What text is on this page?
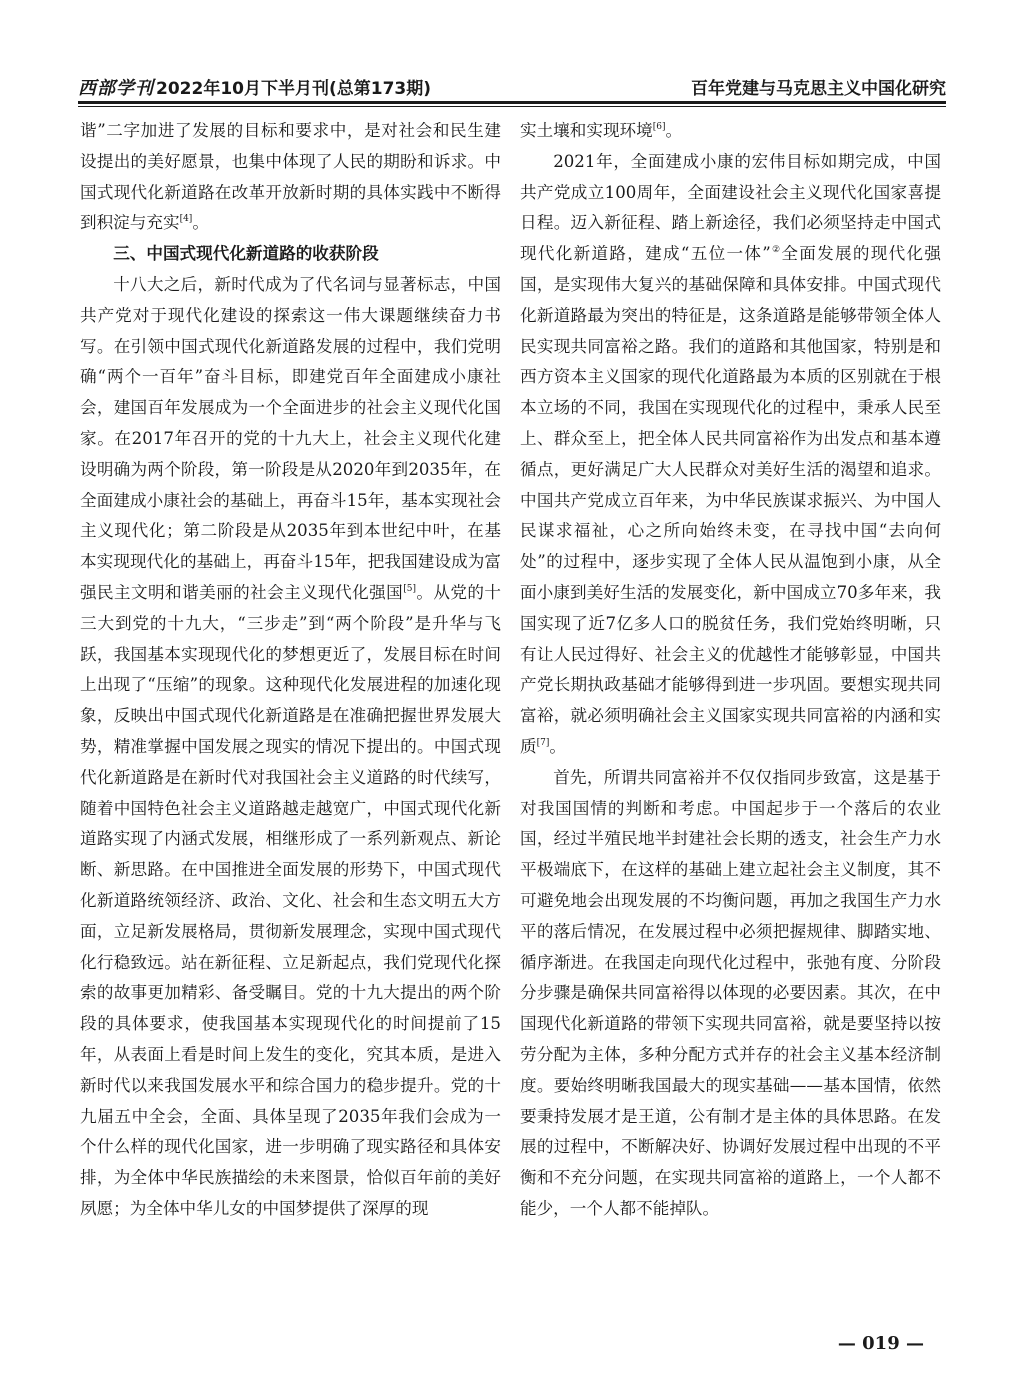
西部学刊 2022年10月下半月刊(总第173期)	百年党建与马克思主义中国化研究

谐”二字加进了发展的目标和要求中，是对社会和民生建设提出的美好愿景，也集中体现了人民的期盼和诉求。中国式现代化新道路在改革开放新时期的具体实践中不断得到积淀与充实[4]。

三、中国式现代化新道路的收获阶段

十八大之后，新时代成为了代名词与显著标志，中国共产党对于现代化建设的探索这一伟大课题继续奋力书写。在引领中国式现代化新道路发展的过程中，我们党明确“两个一百年”奋斗目标，即建党百年全面建成小康社会，建国百年发展成为一个全面进步的社会主义现代化国家。在2017年召开的党的十九大上，社会主义现代化建设明确为两个阶段，第一阶段是从2020年到2035年，在全面建成小康社会的基础上，再奋斗15年，基本实现社会主义现代化；第二阶段是从2035年到本世纪中叶，在基本实现现代化的基础上，再奋斗15年，把我国建设成为富强民主文明和谐美丽的社会主义现代化强国[5]。从党的十三大到党的十九大，“三步走”到“两个阶段”是升华与飞跃，我国基本实现现代化的梦想更近了，发展目标在时间上出现了“压缩”的现象。这种现代化发展进程的加速化现象，反映出中国式现代化新道路是在准确把握世界发展大势，精准掌握中国发展之现实的情况下提出的。中国式现代化新道路是在新时代对我国社会主义道路的时代续写，随着中国特色社会主义道路越走越宽广，中国式现代化新道路实现了内涵式发展，相继形成了一系列新观点、新论断、新思路。在中国推进全面发展的形势下，中国式现代化新道路统领经济、政治、文化、社会和生态文明五大方面，立足新发展格局，贯彻新发展理念，实现中国式现代化行稳致远。站在新征程、立足新起点，我们党现代化探索的故事更加精彩、备受瞩目。党的十九大提出的两个阶段的具体要求，使我国基本实现现代化的时间提前了15年，从表面上看是时间上发生的变化，究其本质，是进入新时代以来我国发展水平和综合国力的稳步提升。党的十九届五中全会，全面、具体呈现了2035年我们会成为一个什么样的现代化国家，进一步明确了现实路径和具体安排，为全体中华民族描绘的未来图景，恰似百年前的美好夙愿；为全体中华儿女的中国梦提供了深厚的现

实土壤和实现环境[6]。

2021年，全面建成小康的宏伟目标如期完成，中国共产党成立100周年，全面建设社会主义现代化国家喜提日程。迈入新征程、踏上新途径，我们必须坚持走中国式现代化新道路，建成“五位一体”②全面发展的现代化强国，是实现伟大复兴的基础保障和具体安排。中国式现代化新道路最为突出的特征是，这条道路是能够带领全体人民实现共同富裕之路。我们的道路和其他国家，特别是和西方资本主义国家的现代化道路最为本质的区别就在于根本立场的不同，我国在实现现代化的过程中，秉承人民至上、群众至上，把全体人民共同富裕作为出发点和基本遵循点，更好满足广大人民群众对美好生活的渴望和追求。中国共产党成立百年来，为中华民族谋求振兴、为中国人民谋求福祉，心之所向始终未变，在寻找中国“去向何处”的过程中，逐步实现了全体人民从温饱到小康，从全面小康到美好生活的发展变化，新中国成立70多年来，我国实现了近7亿多人口的脱贫任务，我们党始终明晰，只有让人民过得好、社会主义的优越性才能够彰显，中国共产党长期执政基础才能够得到进一步巩固。要想实现共同富裕，就必须明确社会主义国家实现共同富裕的内涵和实质[7]。

首先，所谓共同富裕并不仅仅指同步致富，这是基于对我国国情的判断和考虑。中国起步于一个落后的农业国，经过半殖民地半封建社会长期的透支，社会生产力水平极端底下，在这样的基础上建立起社会主义制度，其不可避免地会出现发展的不均衡问题，再加之我国生产力水平的落后情况，在发展过程中必须把握规律、脚踏实地、循序渐进。在我国走向现代化过程中，张弛有度、分阶段分步骤是确保共同富裕得以体现的必要因素。其次，在中国现代化新道路的带领下实现共同富裕，就是要坚持以按劳分配为主体，多种分配方式并存的社会主义基本经济制度。要始终明晰我国最大的现实基础——基本国情，依然要秉持发展才是王道，公有制才是主体的具体思路。在发展的过程中，不断解决好、协调好发展过程中出现的不平衡和不充分问题，在实现共同富裕的道路上，一个人都不能少，一个人都不能掉队。

— 019 —
